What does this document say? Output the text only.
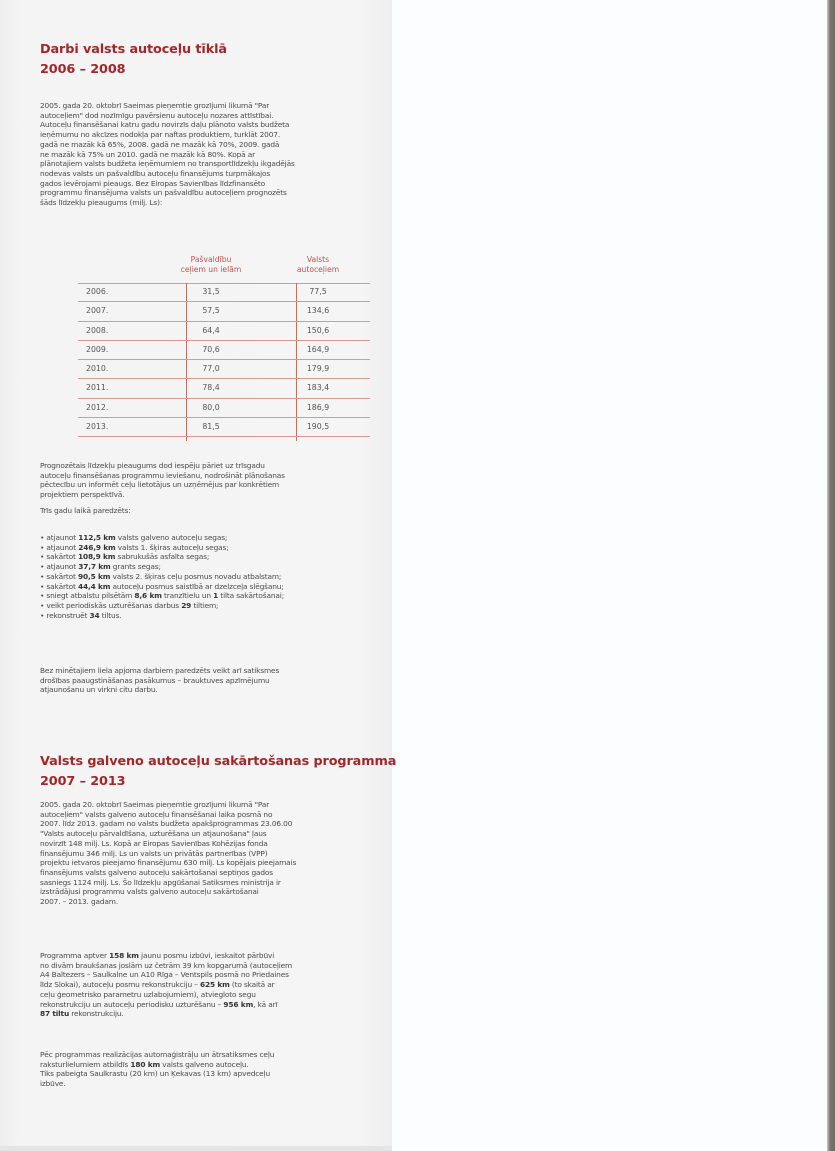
Darbi valsts autoceļu tīklā
2006 – 2008
2005. gada 20. oktobrī Saeimas pieņemtie grozījumi likumā "Par
autoceļiem" dod nozīmīgu pavērsienu autoceļu nozares attīstībai.
Autoceļu finansēšanai katru gadu novirzīs daļu plānoto valsts budžeta
ieņēmumu no akcīzes nodokļa par naftas produktiem, turklāt 2007.
gadā ne mazāk kā 65%, 2008. gadā ne mazāk kā 70%, 2009. gadā
ne mazāk kā 75% un 2010. gadā ne mazāk kā 80%. Kopā ar
plānotajiem valsts budžeta ieņēmumiem no transportlīdzekļu ikgadējās
nodevas valsts un pašvaldību autoceļu finansējums turpmākajos
gados ievērojami pieaugs. Bez Eiropas Savienības līdzfinansēto
programmu finansējuma valsts un pašvaldību autoceļiem prognozēts
šāds līdzekļu pieaugums (milj. Ls):
Pašvaldību
ceļiem un ielām
Valsts
autoceļiem
2006.	31,5	77,5
2007.	57,5	134,6
2008.	64,4	150,6
2009.	70,6	164,9
2010.	77,0	179,9
2011.	78,4	183,4
2012.	80,0	186,9
2013.	81,5	190,5
Prognozētais līdzekļu pieaugums dod iespēju pāriet uz trīsgadu
autoceļu finansēšanas programmu ieviešanu, nodrošināt plānošanas
pēctecību un informēt ceļu lietotājus un uzņēmējus par konkrētiem
projektiem perspektīvā.
Trīs gadu laikā paredzēts:
• atjaunot 112,5 km valsts galveno autoceļu segas;
• atjaunot 246,9 km valsts 1. šķiras autoceļu segas;
• sakārtot 108,9 km sabrukušās asfalta segas;
• atjaunot 37,7 km grants segas;
• sakārtot 90,5 km valsts 2. šķiras ceļu posmus novadu atbalstam;
• sakārtot 44,4 km autoceļu posmus saistībā ar dzelzceļa slēgšanu;
• sniegt atbalstu pilsētām 8,6 km tranzītielu un 1 tilta sakārtošanai;
• veikt periodiskās uzturēšanas darbus 29 tiltiem;
• rekonstruēt 34 tiltus.
Bez minētajiem liela apjoma darbiem paredzēts veikt arī satiksmes
drošības paaugstināšanas pasākumus – brauktuves apzīmējumu
atjaunošanu un virkni citu darbu.
Valsts galveno autoceļu sakārtošanas programma
2007 – 2013
2005. gada 20. oktobrī Saeimas pieņemtie grozījumi likumā "Par
autoceļiem" valsts galveno autoceļu finansēšanai laika posmā no
2007. līdz 2013. gadam no valsts budžeta apakšprogrammas 23.06.00
"Valsts autoceļu pārvaldīšana, uzturēšana un atjaunošana" ļaus
novirzīt 148 milj. Ls. Kopā ar Eiropas Savienības Kohēzijas fonda
finansējumu 346 milj. Ls un valsts un privātās partnerības (VPP)
projektu ietvaros pieejamo finansējumu 630 milj. Ls kopējais pieejamais
finansējums valsts galveno autoceļu sakārtošanai septiņos gados
sasniegs 1124 milj. Ls. Šo līdzekļu apgūšanai Satiksmes ministrija ir
izstrādājusi programmu valsts galveno autoceļu sakārtošanai
2007. – 2013. gadam.
Programma aptver 158 km jaunu posmu izbūvi, ieskaitot pārbūvi
no divām braukšanas joslām uz četrām 39 km kopgarumā (autoceļiem
A4 Baltezers – Saulkalne un A10 Rīga – Ventspils posmā no Priedaines
līdz Slokai), autoceļu posmu rekonstrukciju – 625 km (to skaitā ar
ceļu ģeometrisko parametru uzlabojumiem), atviegloto segu
rekonstrukciju un autoceļu periodisku uzturēšanu – 956 km, kā arī
87 tiltu rekonstrukciju.
Pēc programmas realizācijas automaģistrāļu un ātrsatiksmes ceļu
raksturlielumiem atbildīs 180 km valsts galveno autoceļu.
Tiks pabeigta Saulkrastu (20 km) un Ķekavas (13 km) apvedceļu
izbūve.
